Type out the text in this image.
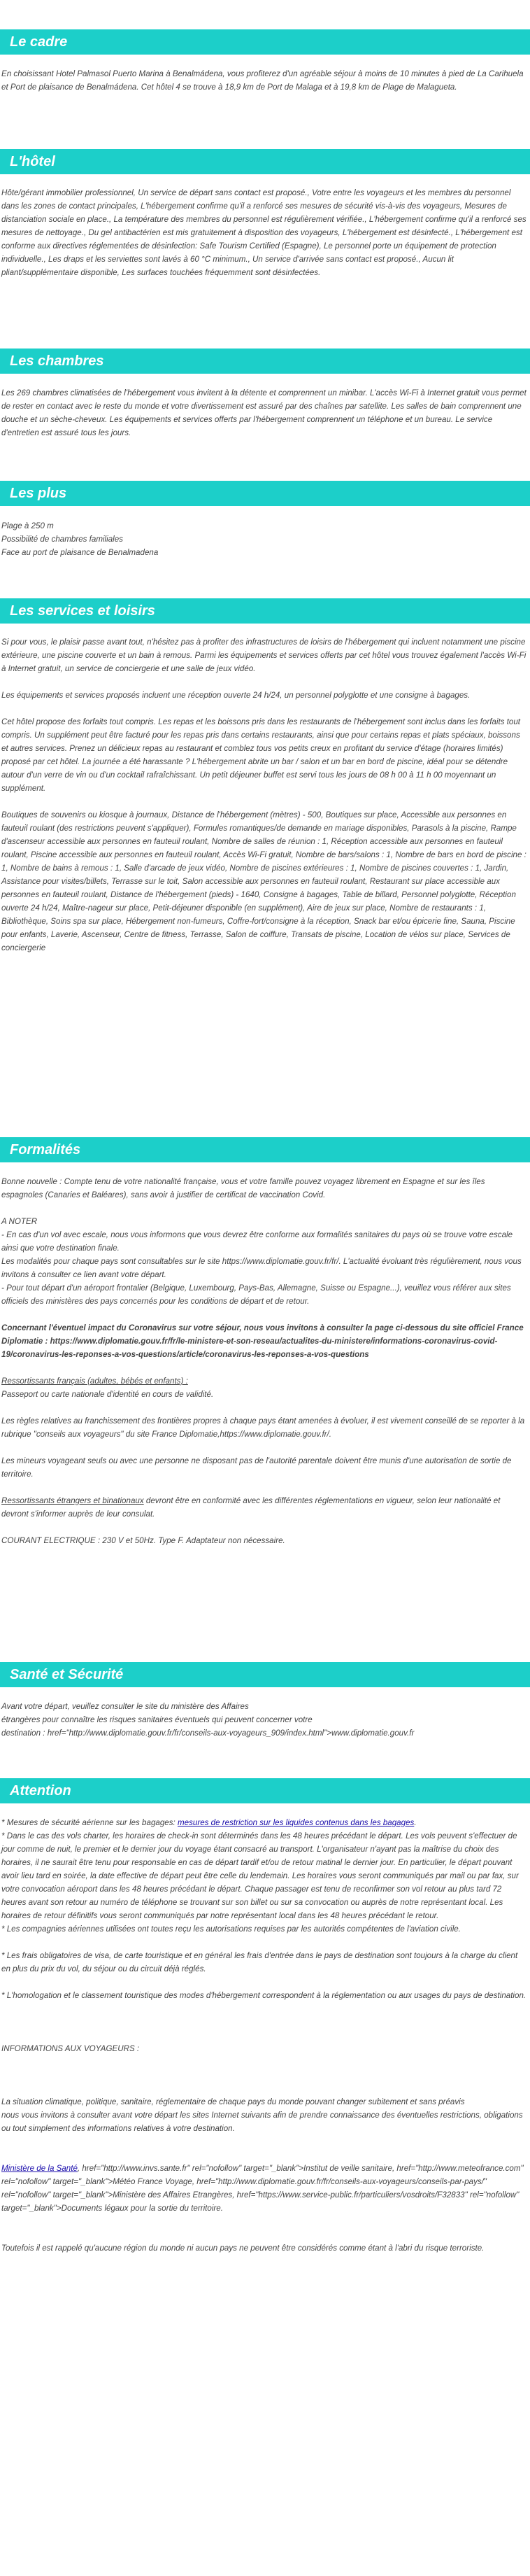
Le cadre

En choisissant Hotel Palmasol Puerto Marina à Benalmádena, vous profiterez d'un agréable séjour à moins de 10 minutes à pied de La Carihuela et Port de plaisance de Benalmádena. Cet hôtel 4 se trouve à 18,9 km de Port de Malaga et à 19,8 km de Plage de Malagueta.

L'hôtel

Hôte/gérant immobilier professionnel, Un service de départ sans contact est proposé., Votre entre les voyageurs et les membres du personnel dans les zones de contact principales, L'hébergement confirme qu'il a renforcé ses mesures de sécurité vis-à-vis des voyageurs, Mesures de distanciation sociale en place., La température des membres du personnel est régulièrement vérifiée., L'hébergement confirme qu'il a renforcé ses mesures de nettoyage., Du gel antibactérien est mis gratuitement à disposition des voyageurs, L'hébergement est désinfecté., L'hébergement est conforme aux directives réglementées de désinfection: Safe Tourism Certified (Espagne), Le personnel porte un équipement de protection individuelle., Les draps et les serviettes sont lavés à 60 °C minimum., Un service d'arrivée sans contact est proposé., Aucun lit pliant/supplémentaire disponible, Les surfaces touchées fréquemment sont désinfectées.

Les chambres

Les 269 chambres climatisées de l'hébergement vous invitent à la détente et comprennent un minibar. L'accès Wi-Fi à Internet gratuit vous permet de rester en contact avec le reste du monde et votre divertissement est assuré par des chaînes par satellite. Les salles de bain comprennent une douche et un sèche-cheveux. Les équipements et services offerts par l'hébergement comprennent un téléphone et un bureau. Le service d'entretien est assuré tous les jours.

Les plus

Plage à 250 m

Possibilité de chambres familiales

Face au port de plaisance de Benalmadena

Les services et loisirs

Si pour vous, le plaisir passe avant tout, n'hésitez pas à profiter des infrastructures de loisirs de l'hébergement qui incluent notamment une piscine extérieure, une piscine couverte et un bain à remous. Parmi les équipements et services offerts par cet hôtel vous trouvez également l'accès Wi-Fi à Internet gratuit, un service de conciergerie et une salle de jeux vidéo.

Les équipements et services proposés incluent une réception ouverte 24 h/24, un personnel polyglotte et une consigne à bagages.

Cet hôtel propose des forfaits tout compris. Les repas et les boissons pris dans les restaurants de l'hébergement sont inclus dans les forfaits tout compris. Un supplément peut être facturé pour les repas pris dans certains restaurants, ainsi que pour certains repas et plats spéciaux, boissons et autres services. Prenez un délicieux repas au restaurant et comblez tous vos petits creux en profitant du service d'étage (horaires limités) proposé par cet hôtel. La journée a été harassante ? L'hébergement abrite un bar / salon et un bar en bord de piscine, idéal pour se détendre autour d'un verre de vin ou d'un cocktail rafraîchissant. Un petit déjeuner buffet est servi tous les jours de 08 h 00 à 11 h 00 moyennant un supplément.

Boutiques de souvenirs ou kiosque à journaux, Distance de l'hébergement (mètres) - 500, Boutiques sur place, Accessible aux personnes en fauteuil roulant (des restrictions peuvent s'appliquer), Formules romantiques/de demande en mariage disponibles, Parasols à la piscine, Rampe d'ascenseur accessible aux personnes en fauteuil roulant, Nombre de salles de réunion : 1, Réception accessible aux personnes en fauteuil roulant, Piscine accessible aux personnes en fauteuil roulant, Accès Wi-Fi gratuit, Nombre de bars/salons : 1, Nombre de bars en bord de piscine : 1, Nombre de bains à remous : 1, Salle d'arcade de jeux vidéo, Nombre de piscines extérieures : 1, Nombre de piscines couvertes : 1, Jardin, Assistance pour visites/billets, Terrasse sur le toit, Salon accessible aux personnes en fauteuil roulant, Restaurant sur place accessible aux personnes en fauteuil roulant, Distance de l'hébergement (pieds) - 1640, Consigne à bagages, Table de billard, Personnel polyglotte, Réception ouverte 24 h/24, Maître-nageur sur place, Petit-déjeuner disponible (en supplément), Aire de jeux sur place, Nombre de restaurants : 1, Bibliothèque, Soins spa sur place, Hébergement non-fumeurs, Coffre-fort/consigne à la réception, Snack bar et/ou épicerie fine, Sauna, Piscine pour enfants, Laverie, Ascenseur, Centre de fitness, Terrasse, Salon de coiffure, Transats de piscine, Location de vélos sur place, Services de conciergerie

Formalités

Bonne nouvelle : Compte tenu de votre nationalité française, vous et votre famille pouvez voyagez librement en Espagne et sur les îles espagnoles (Canaries et Baléares), sans avoir à justifier de certificat de vaccination Covid.

A NOTER

- En cas d'un vol avec escale, nous vous informons que vous devrez être conforme aux formalités sanitaires du pays où se trouve votre escale ainsi que votre destination finale.

Les modalités pour chaque pays sont consultables sur le site https://www.diplomatie.gouv.fr/fr/. L'actualité évoluant très régulièrement, nous vous invitons à consulter ce lien avant votre départ.

- Pour tout départ d'un aéroport frontalier (Belgique, Luxembourg, Pays-Bas, Allemagne, Suisse ou Espagne...), veuillez vous référer aux sites officiels des ministères des pays concernés pour les conditions de départ et de retour.

Concernant l'éventuel impact du Coronavirus sur votre séjour, nous vous invitons à consulter la page ci-dessous du site officiel France Diplomatie : https://www.diplomatie.gouv.fr/fr/le-ministere-et-son-reseau/actualites-du-ministere/informations-coronavirus-covid-19/coronavirus-les-reponses-a-vos-questions/article/coronavirus-les-reponses-a-vos-questions

Ressortissants français (adultes, bébés et enfants) :

Passeport ou carte nationale d'identité en cours de validité.

Les règles relatives au franchissement des frontières propres à chaque pays étant amenées à évoluer, il est vivement conseillé de se reporter à la rubrique "conseils aux voyageurs" du site France Diplomatie,https://www.diplomatie.gouv.fr/.

Les mineurs voyageant seuls ou avec une personne ne disposant pas de l'autorité parentale doivent être munis d'une autorisation de sortie de territoire.

Ressortissants étrangers et binationaux devront être en conformité avec les différentes réglementations en vigueur, selon leur nationalité et devront s'informer auprès de leur consulat.

COURANT ELECTRIQUE : 230 V et 50Hz. Type F. Adaptateur non nécessaire.

Santé et Sécurité

Avant votre départ, veuillez consulter le site du ministère des Affaires

étrangères pour connaître les risques sanitaires éventuels qui peuvent concerner votre

destination : href="http://www.diplomatie.gouv.fr/fr/conseils-aux-voyageurs_909/index.html">www.diplomatie.gouv.fr

Attention

* Mesures de sécurité aérienne sur les bagages: mesures de restriction sur les liquides contenus dans les bagages.

* Dans le cas des vols charter, les horaires de check-in sont déterminés dans les 48 heures précédant le départ. Les vols peuvent s'effectuer de jour comme de nuit, le premier et le dernier jour du voyage étant consacré au transport. L'organisateur n'ayant pas la maîtrise du choix des horaires, il ne saurait être tenu pour responsable en cas de départ tardif et/ou de retour matinal le dernier jour. En particulier, le départ pouvant avoir lieu tard en soirée, la date effective de départ peut être celle du lendemain. Les horaires vous seront communiqués par mail ou par fax, sur votre convocation aéroport dans les 48 heures précédant le départ. Chaque passager est tenu de reconfirmer son vol retour au plus tard 72 heures avant son retour au numéro de téléphone se trouvant sur son billet ou sur sa convocation ou auprès de notre représentant local. Les horaires de retour définitifs vous seront communiqués par notre représentant local dans les 48 heures précédant le retour.

* Les compagnies aériennes utilisées ont toutes reçu les autorisations requises par les autorités compétentes de l'aviation civile.

* Les frais obligatoires de visa, de carte touristique et en général les frais d'entrée dans le pays de destination sont toujours à la charge du client en plus du prix du vol, du séjour ou du circuit déjà réglés.

* L'homologation et le classement touristique des modes d'hébergement correspondent à la réglementation ou aux usages du pays de destination.

INFORMATIONS AUX VOYAGEURS :

La situation climatique, politique, sanitaire, réglementaire de chaque pays du monde pouvant changer subitement et sans préavis

nous vous invitons à consulter avant votre départ les sites Internet suivants afin de prendre connaissance des éventuelles restrictions, obligations ou tout simplement des informations relatives à votre destination.

Ministère de la Santé, href="http://www.invs.sante.fr" rel="nofollow" target="_blank">Institut de veille sanitaire, href="http://www.meteofrance.com" rel="nofollow" target="_blank">Météo France Voyage, href="http://www.diplomatie.gouv.fr/fr/conseils-aux-voyageurs/conseils-par-pays/" rel="nofollow" target="_blank">Ministère des Affaires Etrangères, href="https://www.service-public.fr/particuliers/vosdroits/F32833" rel="nofollow" target="_blank">Documents légaux pour la sortie du territoire.

Toutefois il est rappelé qu'aucune région du monde ni aucun pays ne peuvent être considérés comme étant à l'abri du risque terroriste.
